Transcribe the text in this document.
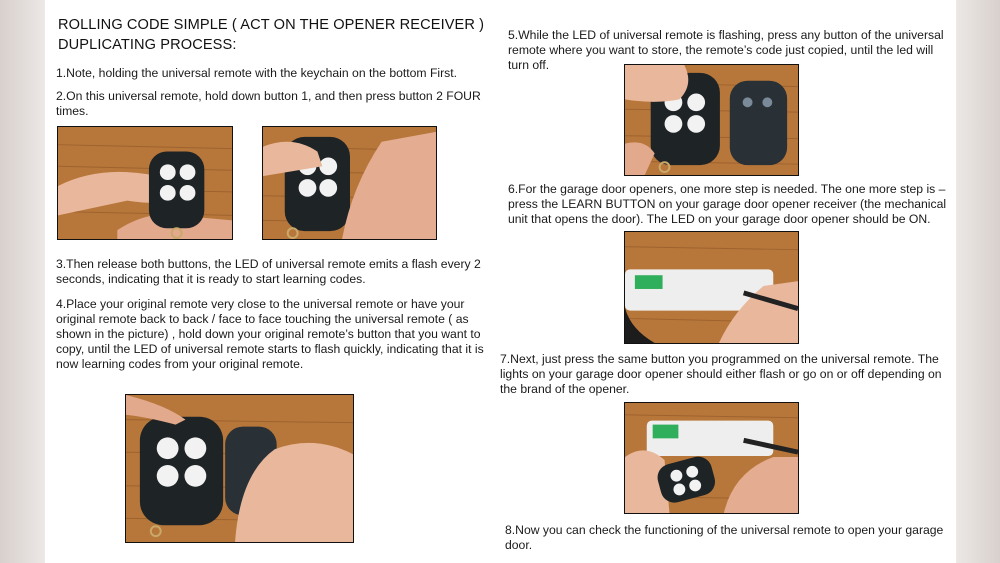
ROLLING CODE SIMPLE ( ACT ON THE OPENER RECEIVER ) DUPLICATING PROCESS:

1.Note, holding the universal remote with the keychain on the bottom First.

2.On this universal remote, hold down button 1, and then press button 2 FOUR times.

3.Then release both buttons, the LED of universal remote emits a flash every 2 seconds, indicating that it is ready to start learning codes.

4.Place your original remote very close to the universal remote or have your original remote back to back / face to face touching the universal remote ( as shown in the picture) , hold down your original remote’s button that you want to copy, until the LED of universal remote starts to flash quickly, indicating that it is now learning codes from your original remote.

5.While the LED of universal remote is flashing, press any button of the universal remote where you want to store, the remote’s code just copied, until the led will turn off.

6.For the garage door openers, one more step is needed. The one more step is – press the LEARN BUTTON on your garage door opener receiver (the mechanical unit that opens the door). The LED on your garage door opener should be ON.

7.Next, just press the same button you programmed on the universal remote. The lights on your garage door opener should either flash or go on or off depending on the brand of the opener.

8.Now you can check the functioning of the universal remote to open your garage door.
